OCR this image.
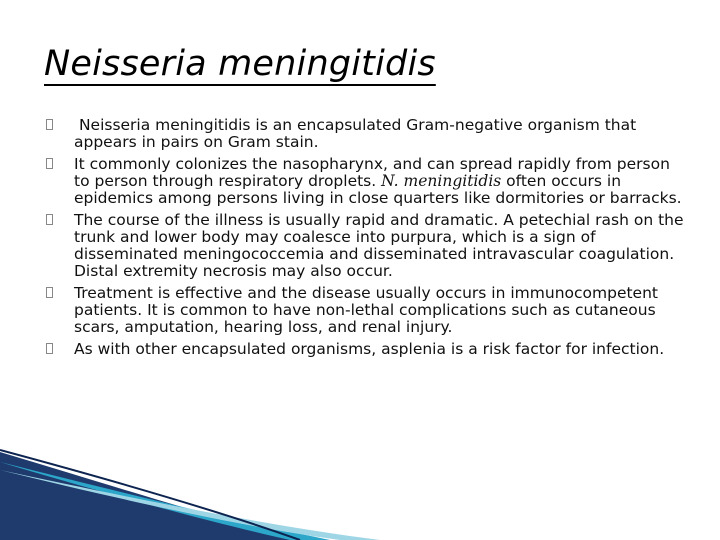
Neisseria meningitidis
Neisseria meningitidis is an encapsulated Gram-negative organism that appears in pairs on Gram stain.
It commonly colonizes the nasopharynx, and can spread rapidly from person to person through respiratory droplets. N. meningitidis often occurs in epidemics among persons living in close quarters like dormitories or barracks.
The course of the illness is usually rapid and dramatic. A petechial rash on the trunk and lower body may coalesce into purpura, which is a sign of disseminated meningococcemia and disseminated intravascular coagulation. Distal extremity necrosis may also occur.
Treatment is effective and the disease usually occurs in immunocompetent patients. It is common to have non-lethal complications such as cutaneous scars, amputation, hearing loss, and renal injury.
As with other encapsulated organisms, asplenia is a risk factor for infection.
